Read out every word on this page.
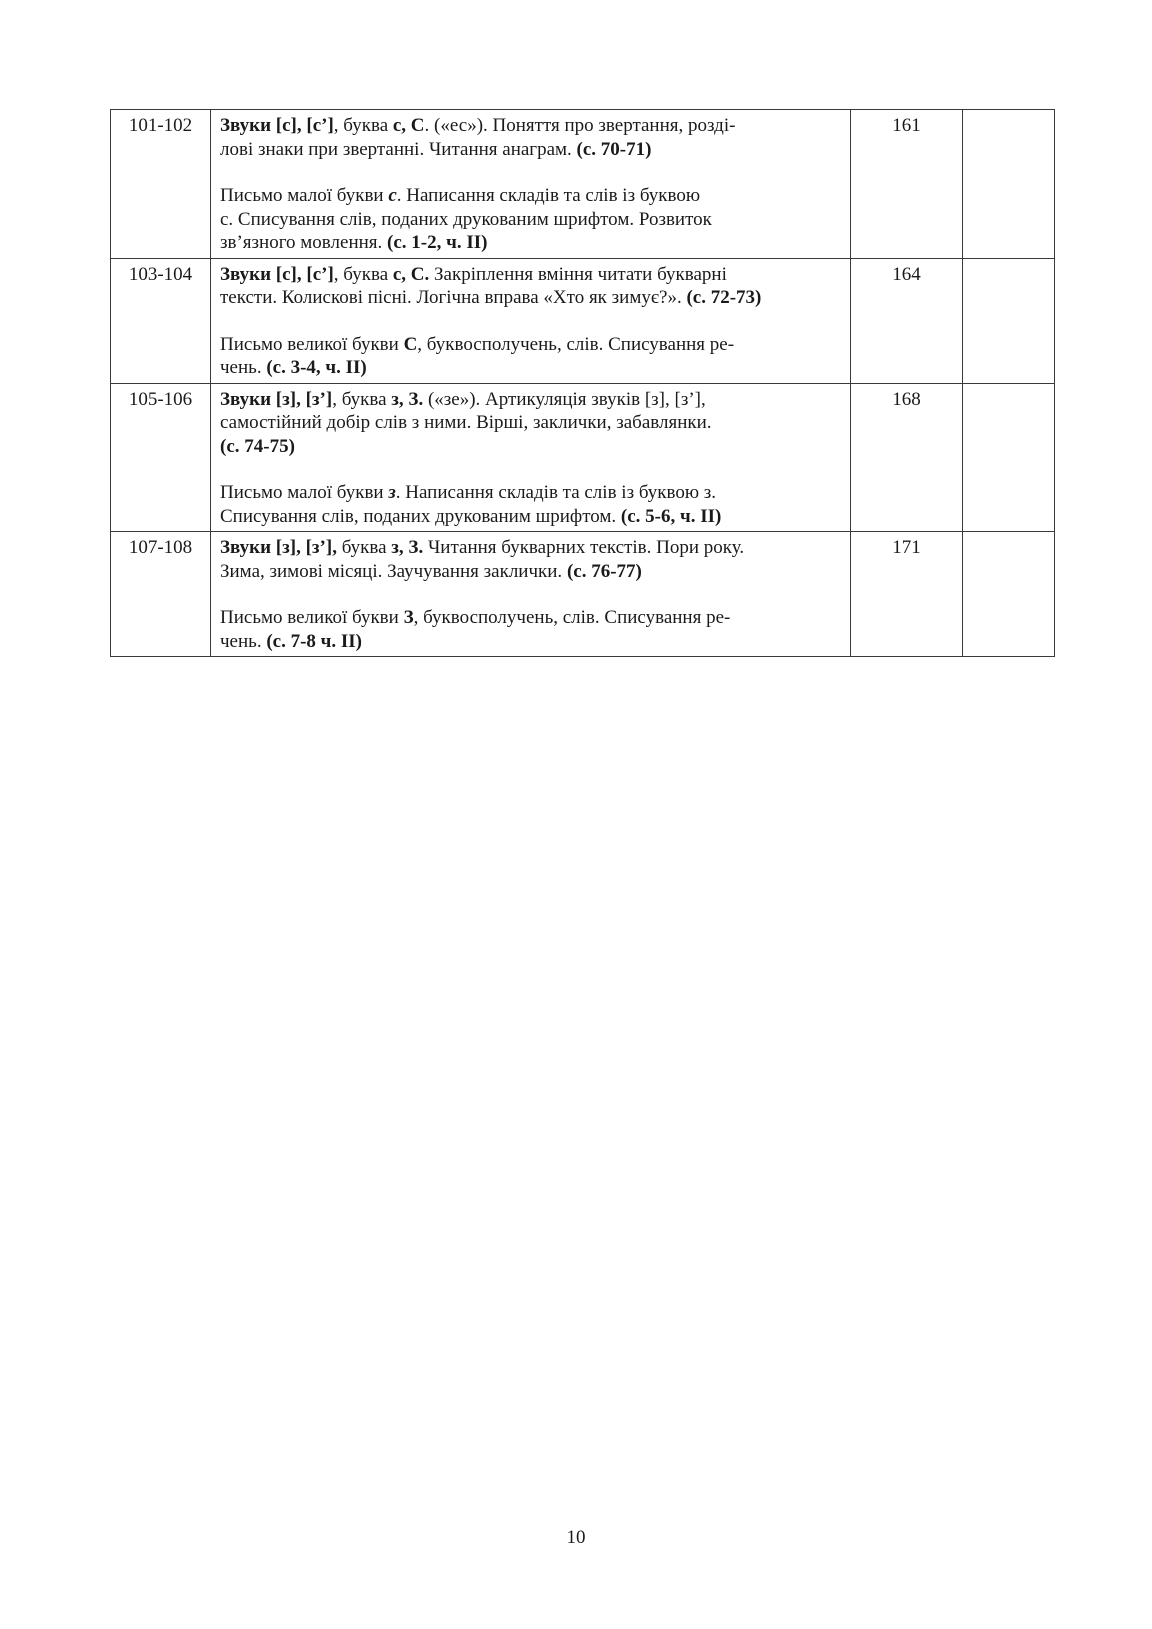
101-102	Звуки [с], [с’], буква с, С. («ес»). Поняття про звертання, розді-
лові знаки при звертанні. Читання анаграм. (с. 70-71)
Письмо малої букви с. Написання складів та слів із буквою
с. Списування слів, поданих друкованим шрифтом. Розвиток
зв’язного мовлення. (с. 1-2, ч. II)	161	
103-104	Звуки [с], [с’], буква с, С. Закріплення вміння читати букварні
тексти. Колискові пісні. Логічна вправа «Хто як зимує?». (с. 72-73)
Письмо великої букви С, буквосполучень, слів. Списування ре-
чень. (с. 3-4, ч. II)	164	
105-106	Звуки [з], [з’], буква з, З. («зе»). Артикуляція звуків [з], [з’],
самостійний добір слів з ними. Вірші, заклички, забавлянки.
(с. 74-75)
Письмо малої букви з. Написання складів та слів із буквою з.
Списування слів, поданих друкованим шрифтом. (с. 5-6, ч. II)	168	
107-108	Звуки [з], [з’], буква з, З. Читання букварних текстів. Пори року.
Зима, зимові місяці. Заучування заклички. (с. 76-77)
Письмо великої букви З, буквосполучень, слів. Списування ре-
чень. (с. 7-8 ч. II)	171	
10
